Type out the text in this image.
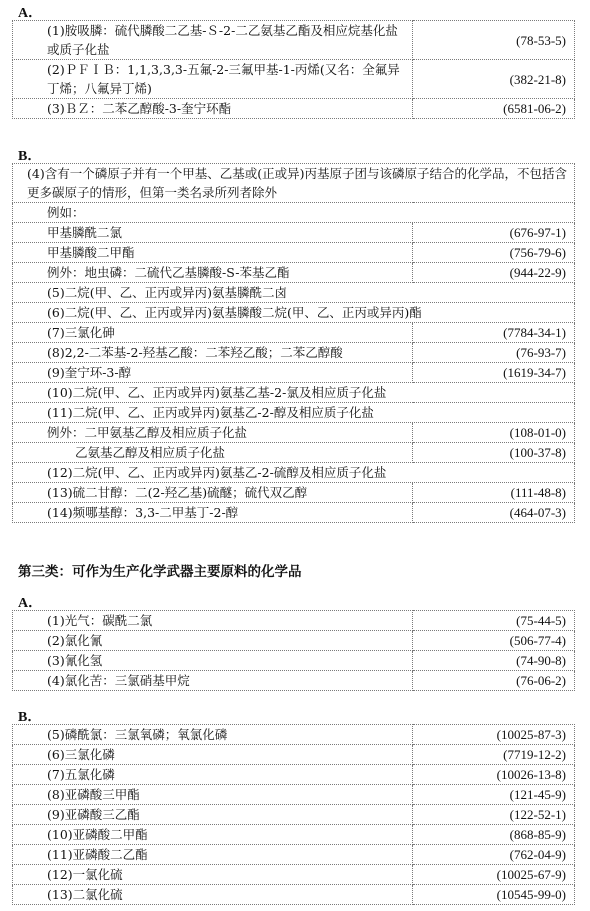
A．
(1)胺吸膦：硫代膦酸二乙基-Ｓ-2-二乙氨基乙酯及相应烷基化盐或质子化盐	(78-53-5)
(2)ＰＦＩＢ：1,1,3,3,3-五氟-2-三氟甲基-1-丙烯(又名：全氟异丁烯；八氟异丁烯)	(382-21-8)
(3)ＢＺ：二苯乙醇酸-3-奎宁环酯	(6581-06-2)
B．
(4)含有一个磷原子并有一个甲基、乙基或(正或异)丙基原子团与该磷原子结合的化学品，不包括含更多碳原子的情形，但第一类名录所列者除外	
例如：	
甲基膦酰二氯	(676-97-1)
甲基膦酸二甲酯	(756-79-6)
例外：地虫磷：二硫代乙基膦酸-S-苯基乙酯	(944-22-9)
(5)二烷(甲、乙、正丙或异丙)氨基膦酰二卤	
(6)二烷(甲、乙、正丙或异丙)氨基膦酸二烷(甲、乙、正丙或异丙)酯	
(7)三氯化砷	(7784-34-1)
(8)2,2-二苯基-2-羟基乙酸：二苯羟乙酸；二苯乙醇酸	(76-93-7)
(9)奎宁环-3-醇	(1619-34-7)
(10)二烷(甲、乙、正丙或异丙)氨基乙基-2-氯及相应质子化盐	
(11)二烷(甲、乙、正丙或异丙)氨基乙-2-醇及相应质子化盐	
例外：二甲氨基乙醇及相应质子化盐	(108-01-0)
乙氨基乙醇及相应质子化盐	(100-37-8)
(12)二烷(甲、乙、正丙或异丙)氨基乙-2-硫醇及相应质子化盐	
(13)硫二甘醇：二(2-羟乙基)硫醚；硫代双乙醇	(111-48-8)
(14)频哪基醇：3,3-二甲基丁-2-醇	(464-07-3)
第三类：可作为生产化学武器主要原料的化学品
A．
(1)光气：碳酰二氯	(75-44-5)
(2)氯化氰	(506-77-4)
(3)氰化氢	(74-90-8)
(4)氯化苦：三氯硝基甲烷	(76-06-2)
B．
(5)磷酰氯：三氯氧磷；氧氯化磷	(10025-87-3)
(6)三氯化磷	(7719-12-2)
(7)五氯化磷	(10026-13-8)
(8)亚磷酸三甲酯	(121-45-9)
(9)亚磷酸三乙酯	(122-52-1)
(10)亚磷酸二甲酯	(868-85-9)
(11)亚磷酸二乙酯	(762-04-9)
(12)一氯化硫	(10025-67-9)
(13)二氯化硫	(10545-99-0)
